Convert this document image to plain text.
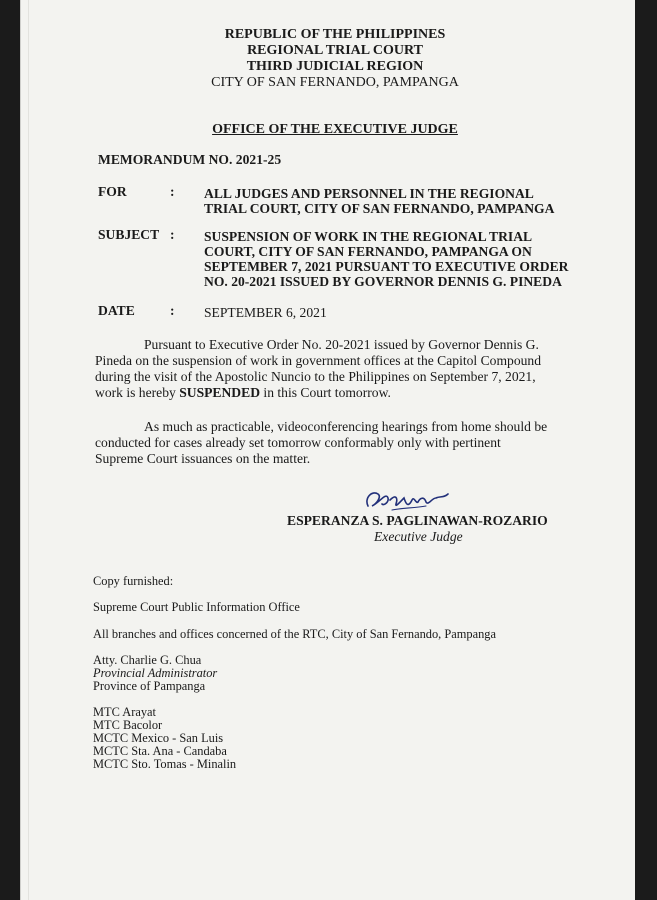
REPUBLIC OF THE PHILIPPINES
REGIONAL TRIAL COURT
THIRD JUDICIAL REGION
CITY OF SAN FERNANDO, PAMPANGA
OFFICE OF THE EXECUTIVE JUDGE
MEMORANDUM NO. 2021-25
FOR	: ALL JUDGES AND PERSONNEL IN THE REGIONAL
TRIAL COURT, CITY OF SAN FERNANDO, PAMPANGA
SUBJECT : SUSPENSION OF WORK IN THE REGIONAL TRIAL
COURT, CITY OF SAN FERNANDO, PAMPANGA ON
SEPTEMBER 7, 2021 PURSUANT TO EXECUTIVE ORDER
NO. 20-2021 ISSUED BY GOVERNOR DENNIS G. PINEDA
DATE	: SEPTEMBER 6, 2021
Pursuant to Executive Order No. 20-2021 issued by Governor Dennis G.
Pineda on the suspension of work in government offices at the Capitol Compound
during the visit of the Apostolic Nuncio to the Philippines on September 7, 2021,
work is hereby SUSPENDED in this Court tomorrow.
As much as practicable, videoconferencing hearings from home should be
conducted for cases already set tomorrow conformably only with pertinent
Supreme Court issuances on the matter.
ESPERANZA S. PAGLINAWAN-ROZARIO
Executive Judge
Copy furnished:
Supreme Court Public Information Office
All branches and offices concerned of the RTC, City of San Fernando, Pampanga
Atty. Charlie G. Chua
Provincial Administrator
Province of Pampanga
MTC Arayat
MTC Bacolor
MCTC Mexico - San Luis
MCTC Sta. Ana - Candaba
MCTC Sto. Tomas - Minalin
